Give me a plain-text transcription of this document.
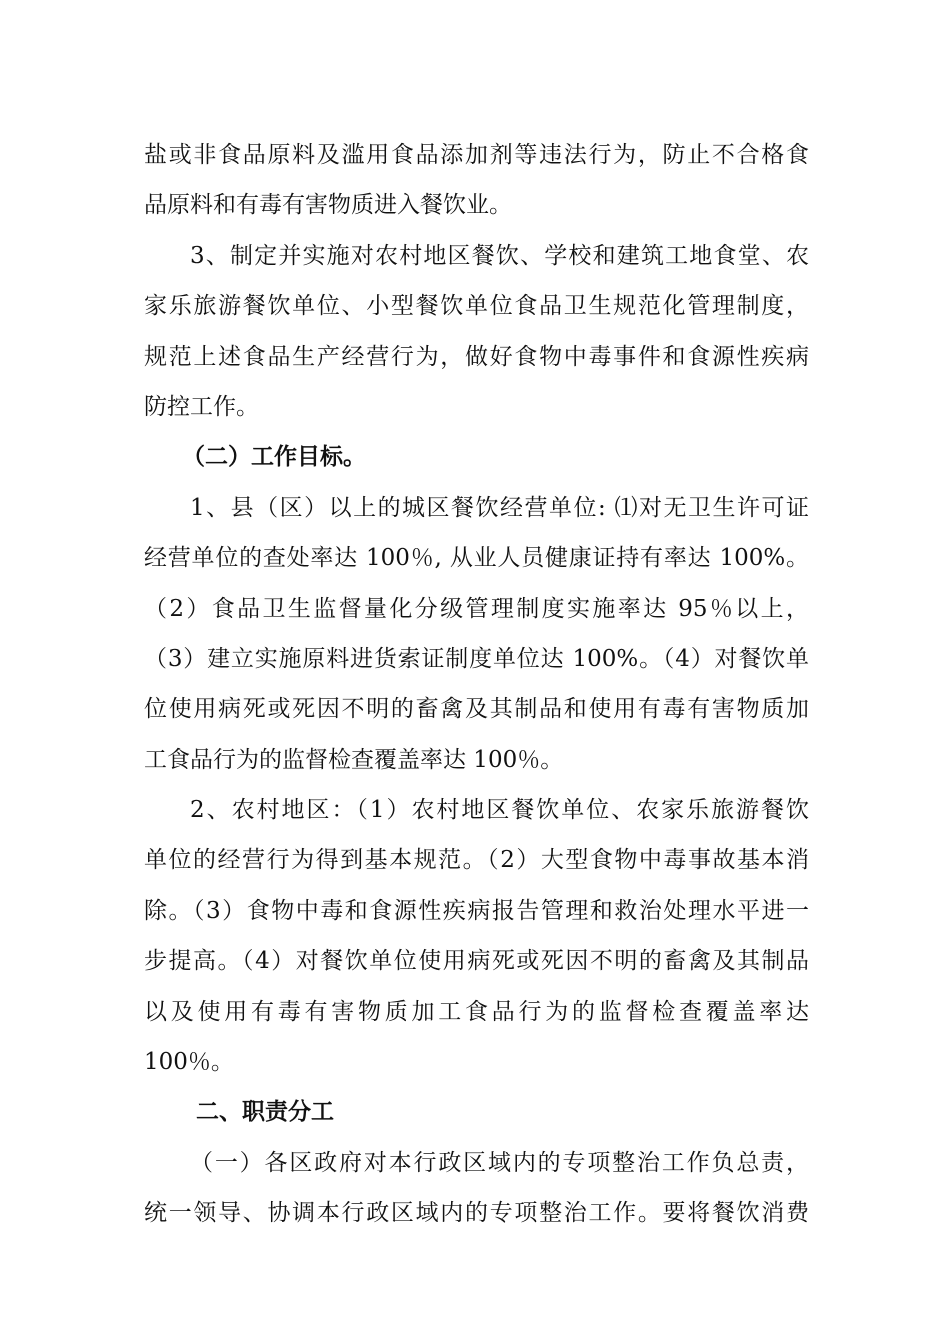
盐或非食品原料及滥用食品添加剂等违法行为，防止不合格食
品原料和有毒有害物质进入餐饮业。
3、制定并实施对农村地区餐饮、学校和建筑工地食堂、农
家乐旅游餐饮单位、小型餐饮单位食品卫生规范化管理制度，
规范上述食品生产经营行为，做好食物中毒事件和食源性疾病
防控工作。
（二）工作目标。
1、县（区）以上的城区餐饮经营单位: ⑴对无卫生许可证
经营单位的查处率达 100％, 从业人员健康证持有率达 100%。
（2）食品卫生监督量化分级管理制度实施率达 95％以上，
（3）建立实施原料进货索证制度单位达 100%。（4）对餐饮单
位使用病死或死因不明的畜禽及其制品和使用有毒有害物质加
工食品行为的监督检查覆盖率达 100％。
2、农村地区：（1）农村地区餐饮单位、农家乐旅游餐饮
单位的经营行为得到基本规范。（2）大型食物中毒事故基本消
除。（3）食物中毒和食源性疾病报告管理和救治处理水平进一
步提高。（4）对餐饮单位使用病死或死因不明的畜禽及其制品
以及使用有毒有害物质加工食品行为的监督检查覆盖率达
100％。
二、职责分工
（一）各区政府对本行政区域内的专项整治工作负总责，
统一领导、协调本行政区域内的专项整治工作。要将餐饮消费
